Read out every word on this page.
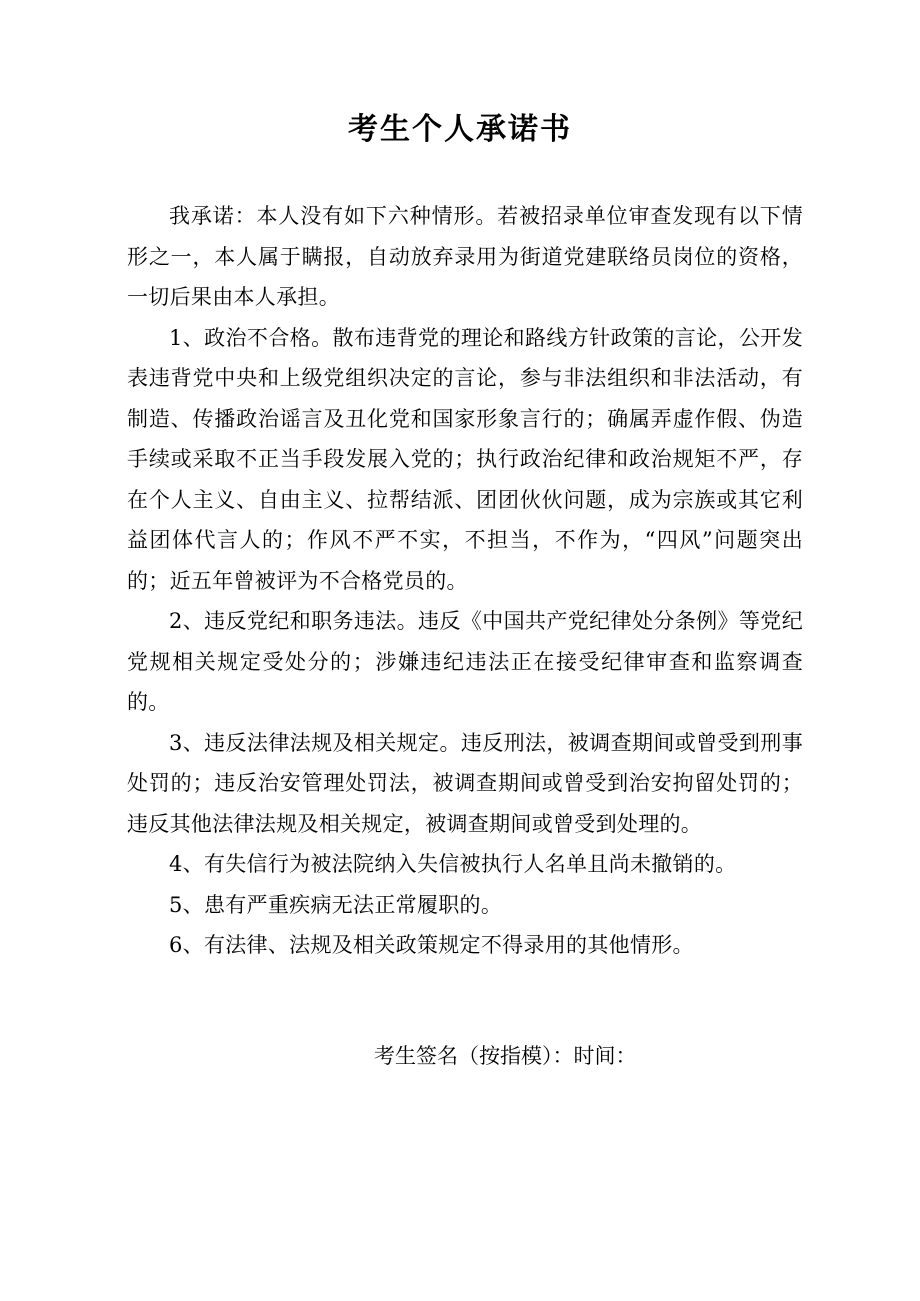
考生个人承诺书

我承诺：本人没有如下六种情形。若被招录单位审查发现有以下情形之一，本人属于瞒报，自动放弃录用为街道党建联络员岗位的资格，一切后果由本人承担。

1、政治不合格。散布违背党的理论和路线方针政策的言论，公开发表违背党中央和上级党组织决定的言论，参与非法组织和非法活动，有制造、传播政治谣言及丑化党和国家形象言行的；确属弄虚作假、伪造手续或采取不正当手段发展入党的；执行政治纪律和政治规矩不严，存在个人主义、自由主义、拉帮结派、团团伙伙问题，成为宗族或其它利益团体代言人的；作风不严不实，不担当，不作为，“四风”问题突出的；近五年曾被评为不合格党员的。

2、违反党纪和职务违法。违反《中国共产党纪律处分条例》等党纪党规相关规定受处分的；涉嫌违纪违法正在接受纪律审查和监察调查的。

3、违反法律法规及相关规定。违反刑法，被调查期间或曾受到刑事处罚的；违反治安管理处罚法，被调查期间或曾受到治安拘留处罚的；违反其他法律法规及相关规定，被调查期间或曾受到处理的。

4、有失信行为被法院纳入失信被执行人名单且尚未撤销的。

5、患有严重疾病无法正常履职的。

6、有法律、法规及相关政策规定不得录用的其他情形。

考生签名（按指模）：时间：
